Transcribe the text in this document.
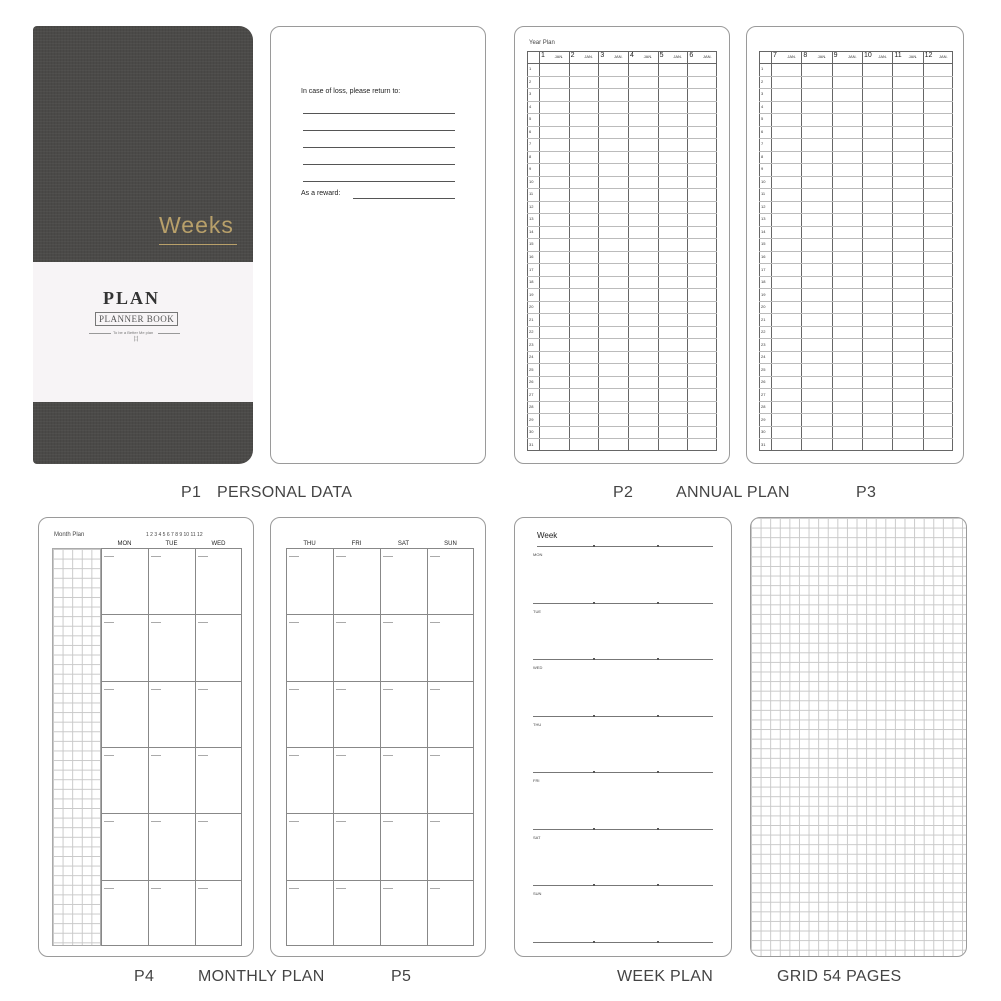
Weeks
PLAN
PLANNER BOOK
To be a Better Me plan
目
In case of loss, please return to:
As a reward:
Year Plan
1 JAN. 2 JAN. 3 JAN. 4 JAN. 5 JAN. 6 JAN.
1
2
3
4
5
6
7
8
9
10
11
12
13
14
15
16
17
18
19
20
21
22
23
24
25
26
27
28
29
30
31
7	JAN. 8	JAN. 9	JAN. 10 JAN. 11 JAN. 12 JAN.
1
2
3
4
5
6
7
8
9
10
11
12
13
14
15
16
17
18
19
20
21
22
23
24
25
26
27
28
29
30
31
Month Plan	1 2 3 4 5 6 7 8 9 10 11 12
MON	TUE	WED	THU	FRI	SAT	SUN
Week
MON
TUE
WED
THU
FRI
SAT
SUN
P1 PERSONAL DATA	P2	ANNUAL PLAN	P3
P4	MONTHLY PLAN	P5	WEEK PLAN	GRID 54 PAGES
